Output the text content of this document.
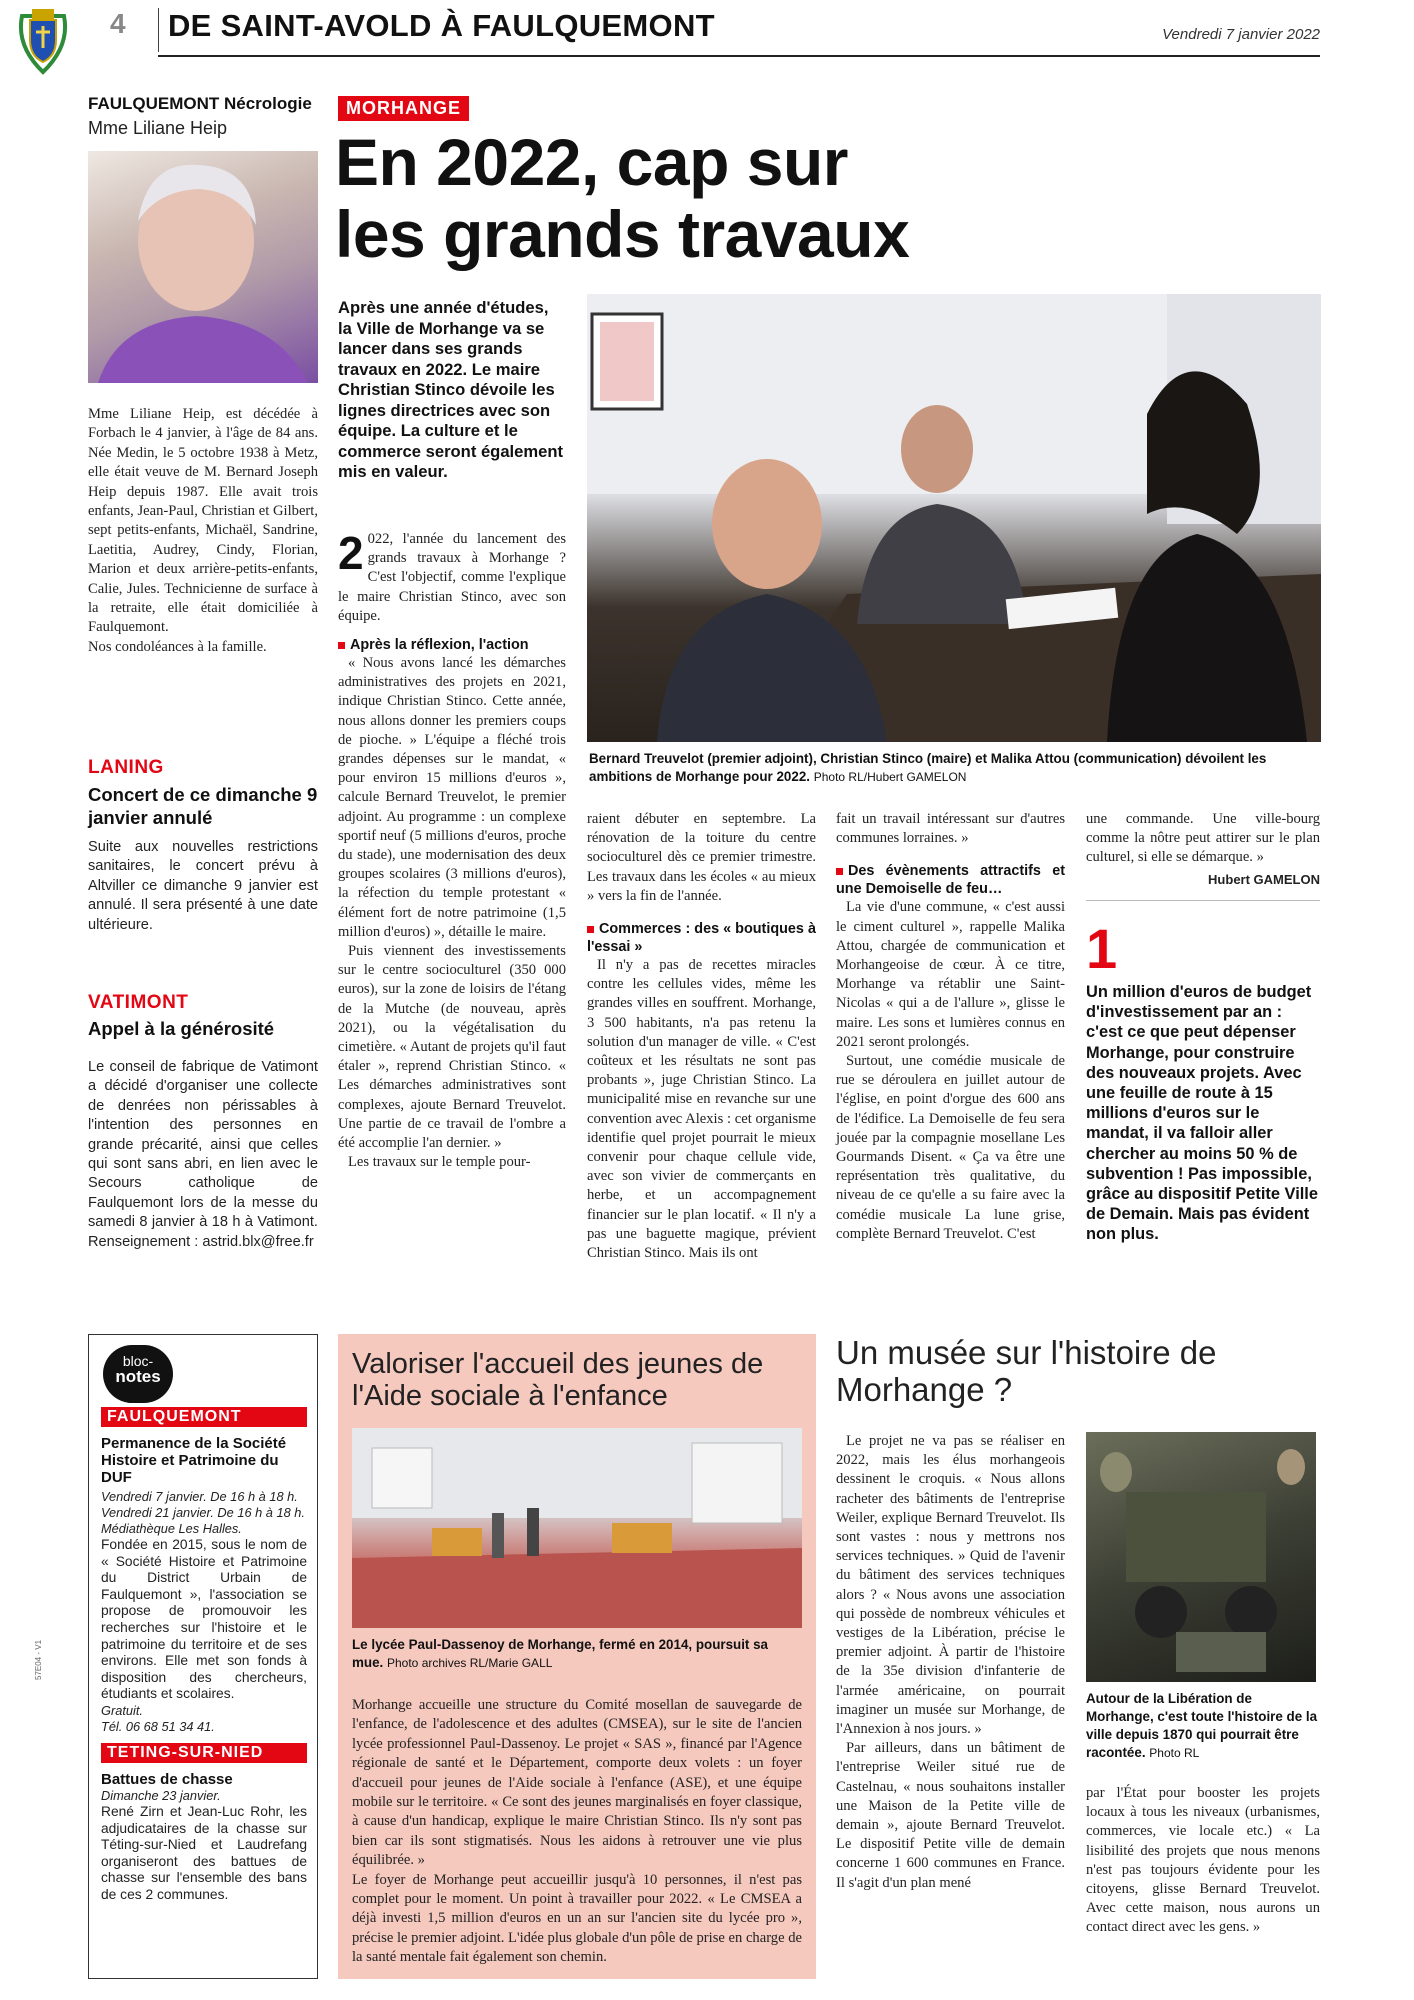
4 DE SAINT-AVOLD À FAULQUEMONT	Vendredi 7 janvier 2022
FAULQUEMONT Nécrologie
Mme Liliane Heip
Mme Liliane Heip, est décédée à Forbach le 4 janvier, à l'âge de 84 ans. Née Medin, le 5 octobre 1938 à Metz, elle était veuve de M. Bernard Joseph Heip depuis 1987. Elle avait trois enfants, Jean-Paul, Christian et Gilbert, sept petits-enfants, Michaël, Sandrine, Laetitia, Audrey, Cindy, Florian, Marion et deux arrière-petits-enfants, Calie, Jules. Technicienne de surface à la retraite, elle était domiciliée à Faulquemont.
Nos condoléances à la famille.
LANING
Concert de ce dimanche 9 janvier annulé
Suite aux nouvelles restrictions sanitaires, le concert prévu à Altviller ce dimanche 9 janvier est annulé. Il sera présenté à une date ultérieure.
VATIMONT
Appel à la générosité
Le conseil de fabrique de Vatimont a décidé d'organiser une collecte de denrées non périssables à l'intention des personnes en grande précarité, ainsi que celles qui sont sans abri, en lien avec le Secours catholique de Faulquemont lors de la messe du samedi 8 janvier à 18 h à Vatimont. Renseignement : astrid.blx@free.fr
MORHANGE
En 2022, cap sur
les grands travaux
Après une année d'études, la Ville de Morhange va se lancer dans ses grands travaux en 2022. Le maire Christian Stinco dévoile les lignes directrices avec son équipe. La culture et le commerce seront également mis en valeur.
2 022, l'année du lancement des grands travaux à Morhange ? C'est l'objectif, comme l'explique le maire Christian Stinco, avec son équipe.
Après la réflexion, l'action

« Nous avons lancé les démarches administratives des projets en 2021, indique Christian Stinco. Cette année, nous allons donner les premiers coups de pioche. » L'équipe a fléché trois grandes dépenses sur le mandat, « pour environ 15 millions d'euros », calcule Bernard Treuvelot, le premier adjoint. Au programme : un complexe sportif neuf (5 millions d'euros, proche du stade), une modernisation des deux groupes scolaires (3 millions d'euros), la réfection du temple protestant « élément fort de notre patrimoine (1,5 million d'euros) », détaille le maire.

Puis viennent des investissements sur le centre socioculturel (350 000 euros), sur la zone de loisirs de l'étang de la Mutche (de nouveau, après 2021), ou la végétalisation du cimetière. « Autant de projets qu'il faut étaler », reprend Christian Stinco. « Les démarches administratives sont complexes, ajoute Bernard Treuvelot. Une partie de ce travail de l'ombre a été accomplie l'an dernier. »

Les travaux sur le temple pour-

Bernard Treuvelot (premier adjoint), Christian Stinco (maire) et Malika Attou (communication) dévoilent les ambitions de Morhange pour 2022. Photo RL/Hubert GAMELON
raient débuter en septembre. La rénovation de la toiture du centre socioculturel dès ce premier trimestre. Les travaux dans les écoles « au mieux » vers la fin de l'année.
Commerces : des « boutiques à l'essai »

Il n'y a pas de recettes miracles contre les cellules vides, même les grandes villes en souffrent. Morhange, 3 500 habitants, n'a pas retenu la solution d'un manager de ville. « C'est coûteux et les résultats ne sont pas probants », juge Christian Stinco. La municipalité mise en revanche sur une convention avec Alexis : cet organisme identifie quel projet pourrait le mieux convenir pour chaque cellule vide, avec son vivier de commerçants en herbe, et un accompagnement financier sur le plan locatif. « Il n'y a pas une baguette magique, prévient Christian Stinco. Mais ils ont

fait un travail intéressant sur d'autres communes lorraines. »
Des évènements attractifs et une Demoiselle de feu…

La vie d'une commune, « c'est aussi le ciment culturel », rappelle Malika Attou, chargée de communication et Morhangeoise de cœur. À ce titre, Morhange va rétablir une Saint-Nicolas « qui a de l'allure », glisse le maire. Les sons et lumières connus en 2021 seront prolongés.

Surtout, une comédie musicale de rue se déroulera en juillet autour de l'église, en point d'orgue des 600 ans de l'édifice. La Demoiselle de feu sera jouée par la compagnie mosellane Les Gourmands Disent. « Ça va être une représentation très qualitative, du niveau de ce qu'elle a su faire avec la comédie musicale La lune grise, complète Bernard Treuvelot. C'est

une commande. Une ville-bourg comme la nôtre peut attirer sur le plan culturel, si elle se démarque. »
Hubert GAMELON
1
Un million d'euros de budget d'investissement par an : c'est ce que peut dépenser Morhange, pour construire des nouveaux projets. Avec une feuille de route à 15 millions d'euros sur le mandat, il va falloir aller chercher au moins 50 % de subvention ! Pas impossible, grâce au dispositif Petite Ville de Demain. Mais pas évident non plus.
bloc-
notes
FAULQUEMONT
Permanence de la Société Histoire et Patrimoine du DUF
Vendredi 7 janvier. De 16 h à 18 h. Vendredi 21 janvier. De 16 h à 18 h. Médiathèque Les Halles.
Fondée en 2015, sous le nom de « Société Histoire et Patrimoine du District Urbain de Faulquemont », l'association se propose de promouvoir les recherches sur l'histoire et le patrimoine du territoire et de ses environs. Elle met son fonds à disposition des chercheurs, étudiants et scolaires.
Gratuit.
Tél. 06 68 51 34 41.
TETING-SUR-NIED
Battues de chasse
Dimanche 23 janvier.
René Zirn et Jean-Luc Rohr, les adjudicataires de la chasse sur Téting-sur-Nied et Laudrefang organiseront des battues de chasse sur l'ensemble des bans de ces 2 communes.
57E04 - V1
Valoriser l'accueil des jeunes de l'Aide sociale à l'enfance
Le lycée Paul-Dassenoy de Morhange, fermé en 2014, poursuit sa mue. Photo archives RL/Marie GALL

Morhange accueille une structure du Comité mosellan de sauvegarde de l'enfance, de l'adolescence et des adultes (CMSEA), sur le site de l'ancien lycée professionnel Paul-Dassenoy. Le projet « SAS », financé par l'Agence régionale de santé et le Département, comporte deux volets : un foyer d'accueil pour jeunes de l'Aide sociale à l'enfance (ASE), et une équipe mobile sur le territoire. « Ce sont des jeunes marginalisés en foyer classique, à cause d'un handicap, explique le maire Christian Stinco. Ils n'y sont pas bien car ils sont stigmatisés. Nous les aidons à retrouver une vie plus équilibrée. »

Le foyer de Morhange peut accueillir jusqu'à 10 personnes, il n'est pas complet pour le moment. Un point à travailler pour 2022. « Le CMSEA a déjà investi 1,5 million d'euros en un an sur l'ancien site du lycée pro », précise le premier adjoint. L'idée plus globale d'un pôle de prise en charge de la santé mentale fait également son chemin.

Un musée sur l'histoire de Morhange ?

Le projet ne va pas se réaliser en 2022, mais les élus morhangeois dessinent le croquis. « Nous allons racheter des bâtiments de l'entreprise Weiler, explique Bernard Treuvelot. Ils sont vastes : nous y mettrons nos services techniques. » Quid de l'avenir du bâtiment des services techniques alors ? « Nous avons une association qui possède de nombreux véhicules et vestiges de la Libération, précise le premier adjoint. À partir de l'histoire de la 35e division d'infanterie de l'armée américaine, on pourrait imaginer un musée sur Morhange, de l'Annexion à nos jours. »

Par ailleurs, dans un bâtiment de l'entreprise Weiler situé rue de Castelnau, « nous souhaitons installer une Maison de la Petite ville de demain », ajoute Bernard Treuvelot. Le dispositif Petite ville de demain concerne 1 600 communes en France. Il s'agit d'un plan mené

Autour de la Libération de Morhange, c'est toute l'histoire de la ville depuis 1870 qui pourrait être racontée. Photo RL
par l'État pour booster les projets locaux à tous les niveaux (urbanismes, commerces, vie locale etc.) « La lisibilité des projets que nous menons n'est pas toujours évidente pour les citoyens, glisse Bernard Treuvelot. Avec cette maison, nous aurons un contact direct avec les gens. »
